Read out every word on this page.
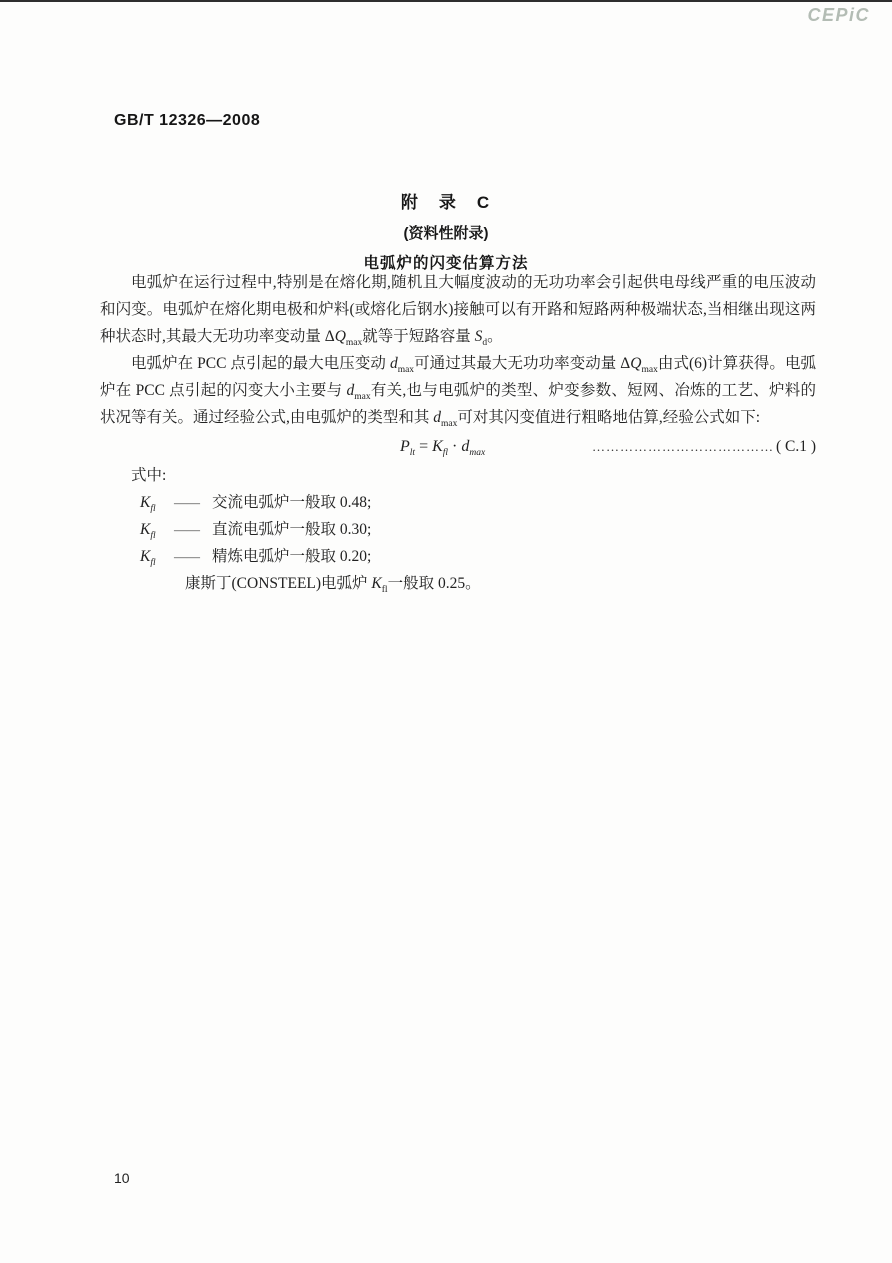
CEPiC
GB/T 12326—2008
附　录　C
(资料性附录)
电弧炉的闪变估算方法

电弧炉在运行过程中,特别是在熔化期,随机且大幅度波动的无功功率会引起供电母线严重的电压波动和闪变。电弧炉在熔化期电极和炉料(或熔化后钢水)接触可以有开路和短路两种极端状态,当相继出现这两种状态时,其最大无功功率变动量 $\Delta Q_{max}$就等于短路容量 $S_d$。

电弧炉在 PCC 点引起的最大电压变动 $d_{max}$可通过其最大无功功率变动量 $\Delta Q_{max}$由式(6)计算获得。电弧炉在 PCC 点引起的闪变大小主要与 $d_{max}$有关,也与电弧炉的类型、炉变参数、短网、冶炼的工艺、炉料的状况等有关。通过经验公式,由电弧炉的类型和其 $d_{max}$可对其闪变值进行粗略地估算,经验公式如下:

$P_{lt} = K_{fl} \cdot d_{max}$	………………………………… ( C.1 )

式中:

$K_{fl}$	—— 交流电弧炉一般取 0.48;
$K_{fl}$	—— 直流电弧炉一般取 0.30;
$K_{fl}$	—— 精炼电弧炉一般取 0.20;

康斯丁(CONSTEEL)电弧炉 $K_{fl}$一般取 0.25。

10
